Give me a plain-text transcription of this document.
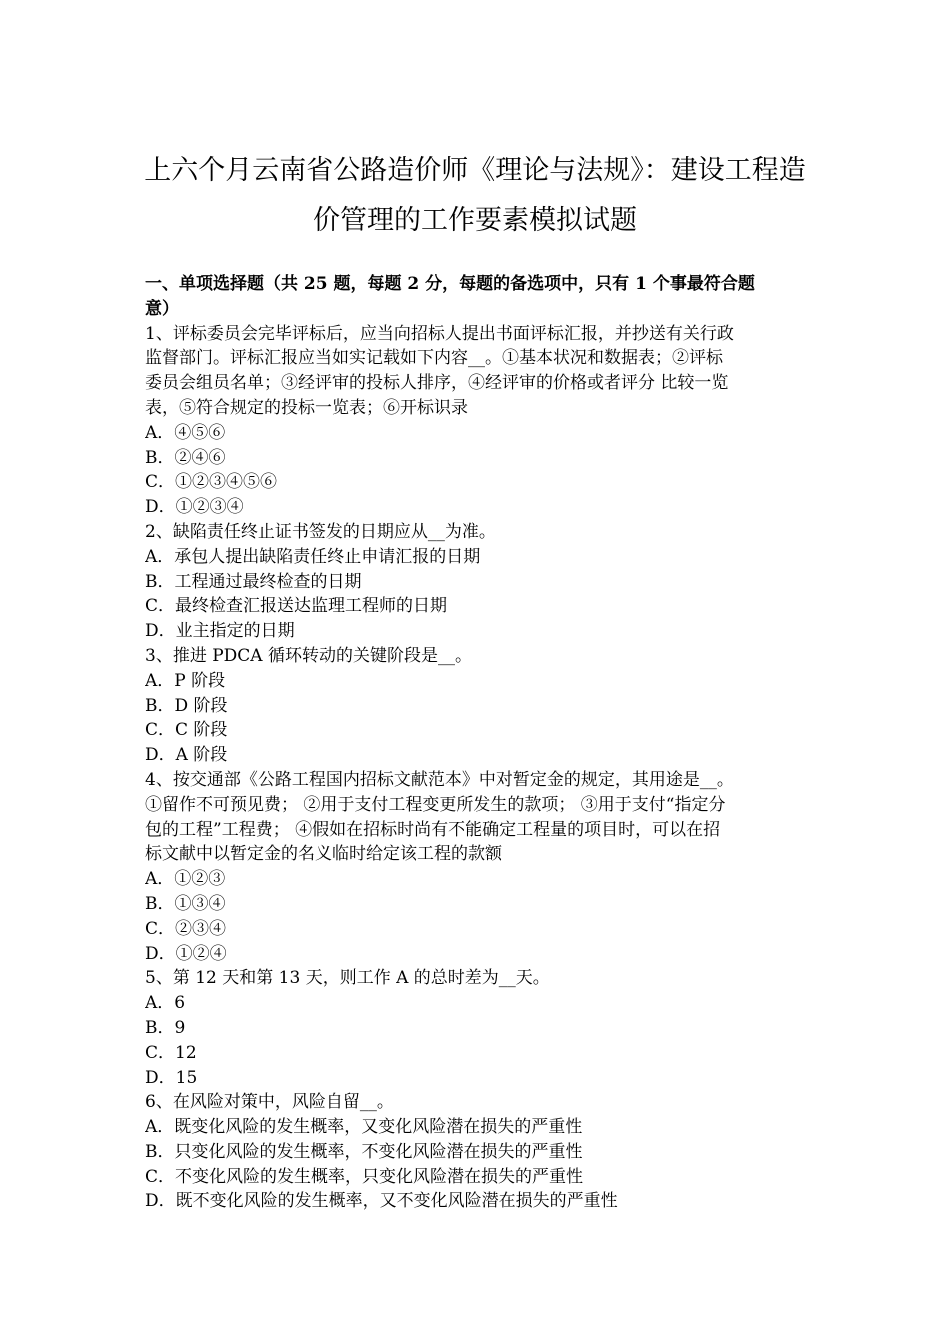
上六个月云南省公路造价师《理论与法规》：建设工程造
价管理的工作要素模拟试题
一、单项选择题（共 25 题，每题 2 分，每题的备选项中，只有 1 个事最符合题
意）
1、评标委员会完毕评标后，应当向招标人提出书面评标汇报，并抄送有关行政
监督部门。评标汇报应当如实记载如下内容__。①基本状况和数据表；②评标
委员会组员名单；③经评审的投标人排序，④经评审的价格或者评分 比较一览
表，⑤符合规定的投标一览表；⑥开标识录
A．④⑤⑥
B．②④⑥
C．①②③④⑤⑥
D．①②③④
2、缺陷责任终止证书签发的日期应从__为准。
A．承包人提出缺陷责任终止申请汇报的日期
B．工程通过最终检查的日期
C．最终检查汇报送达监理工程师的日期
D．业主指定的日期
3、推进 PDCA 循环转动的关键阶段是__。
A．P 阶段
B．D 阶段
C．C 阶段
D．A 阶段
4、按交通部《公路工程国内招标文献范本》中对暂定金的规定，其用途是__。
①留作不可预见费； ②用于支付工程变更所发生的款项； ③用于支付“指定分
包的工程”工程费； ④假如在招标时尚有不能确定工程量的项目时，可以在招
标文献中以暂定金的名义临时给定该工程的款额
A．①②③
B．①③④
C．②③④
D．①②④
5、第 12 天和第 13 天，则工作 A 的总时差为__天。
A．6
B．9
C．12
D．15
6、在风险对策中，风险自留__。
A．既变化风险的发生概率，又变化风险潜在损失的严重性
B．只变化风险的发生概率，不变化风险潜在损失的严重性
C．不变化风险的发生概率，只变化风险潜在损失的严重性
D．既不变化风险的发生概率，又不变化风险潜在损失的严重性
